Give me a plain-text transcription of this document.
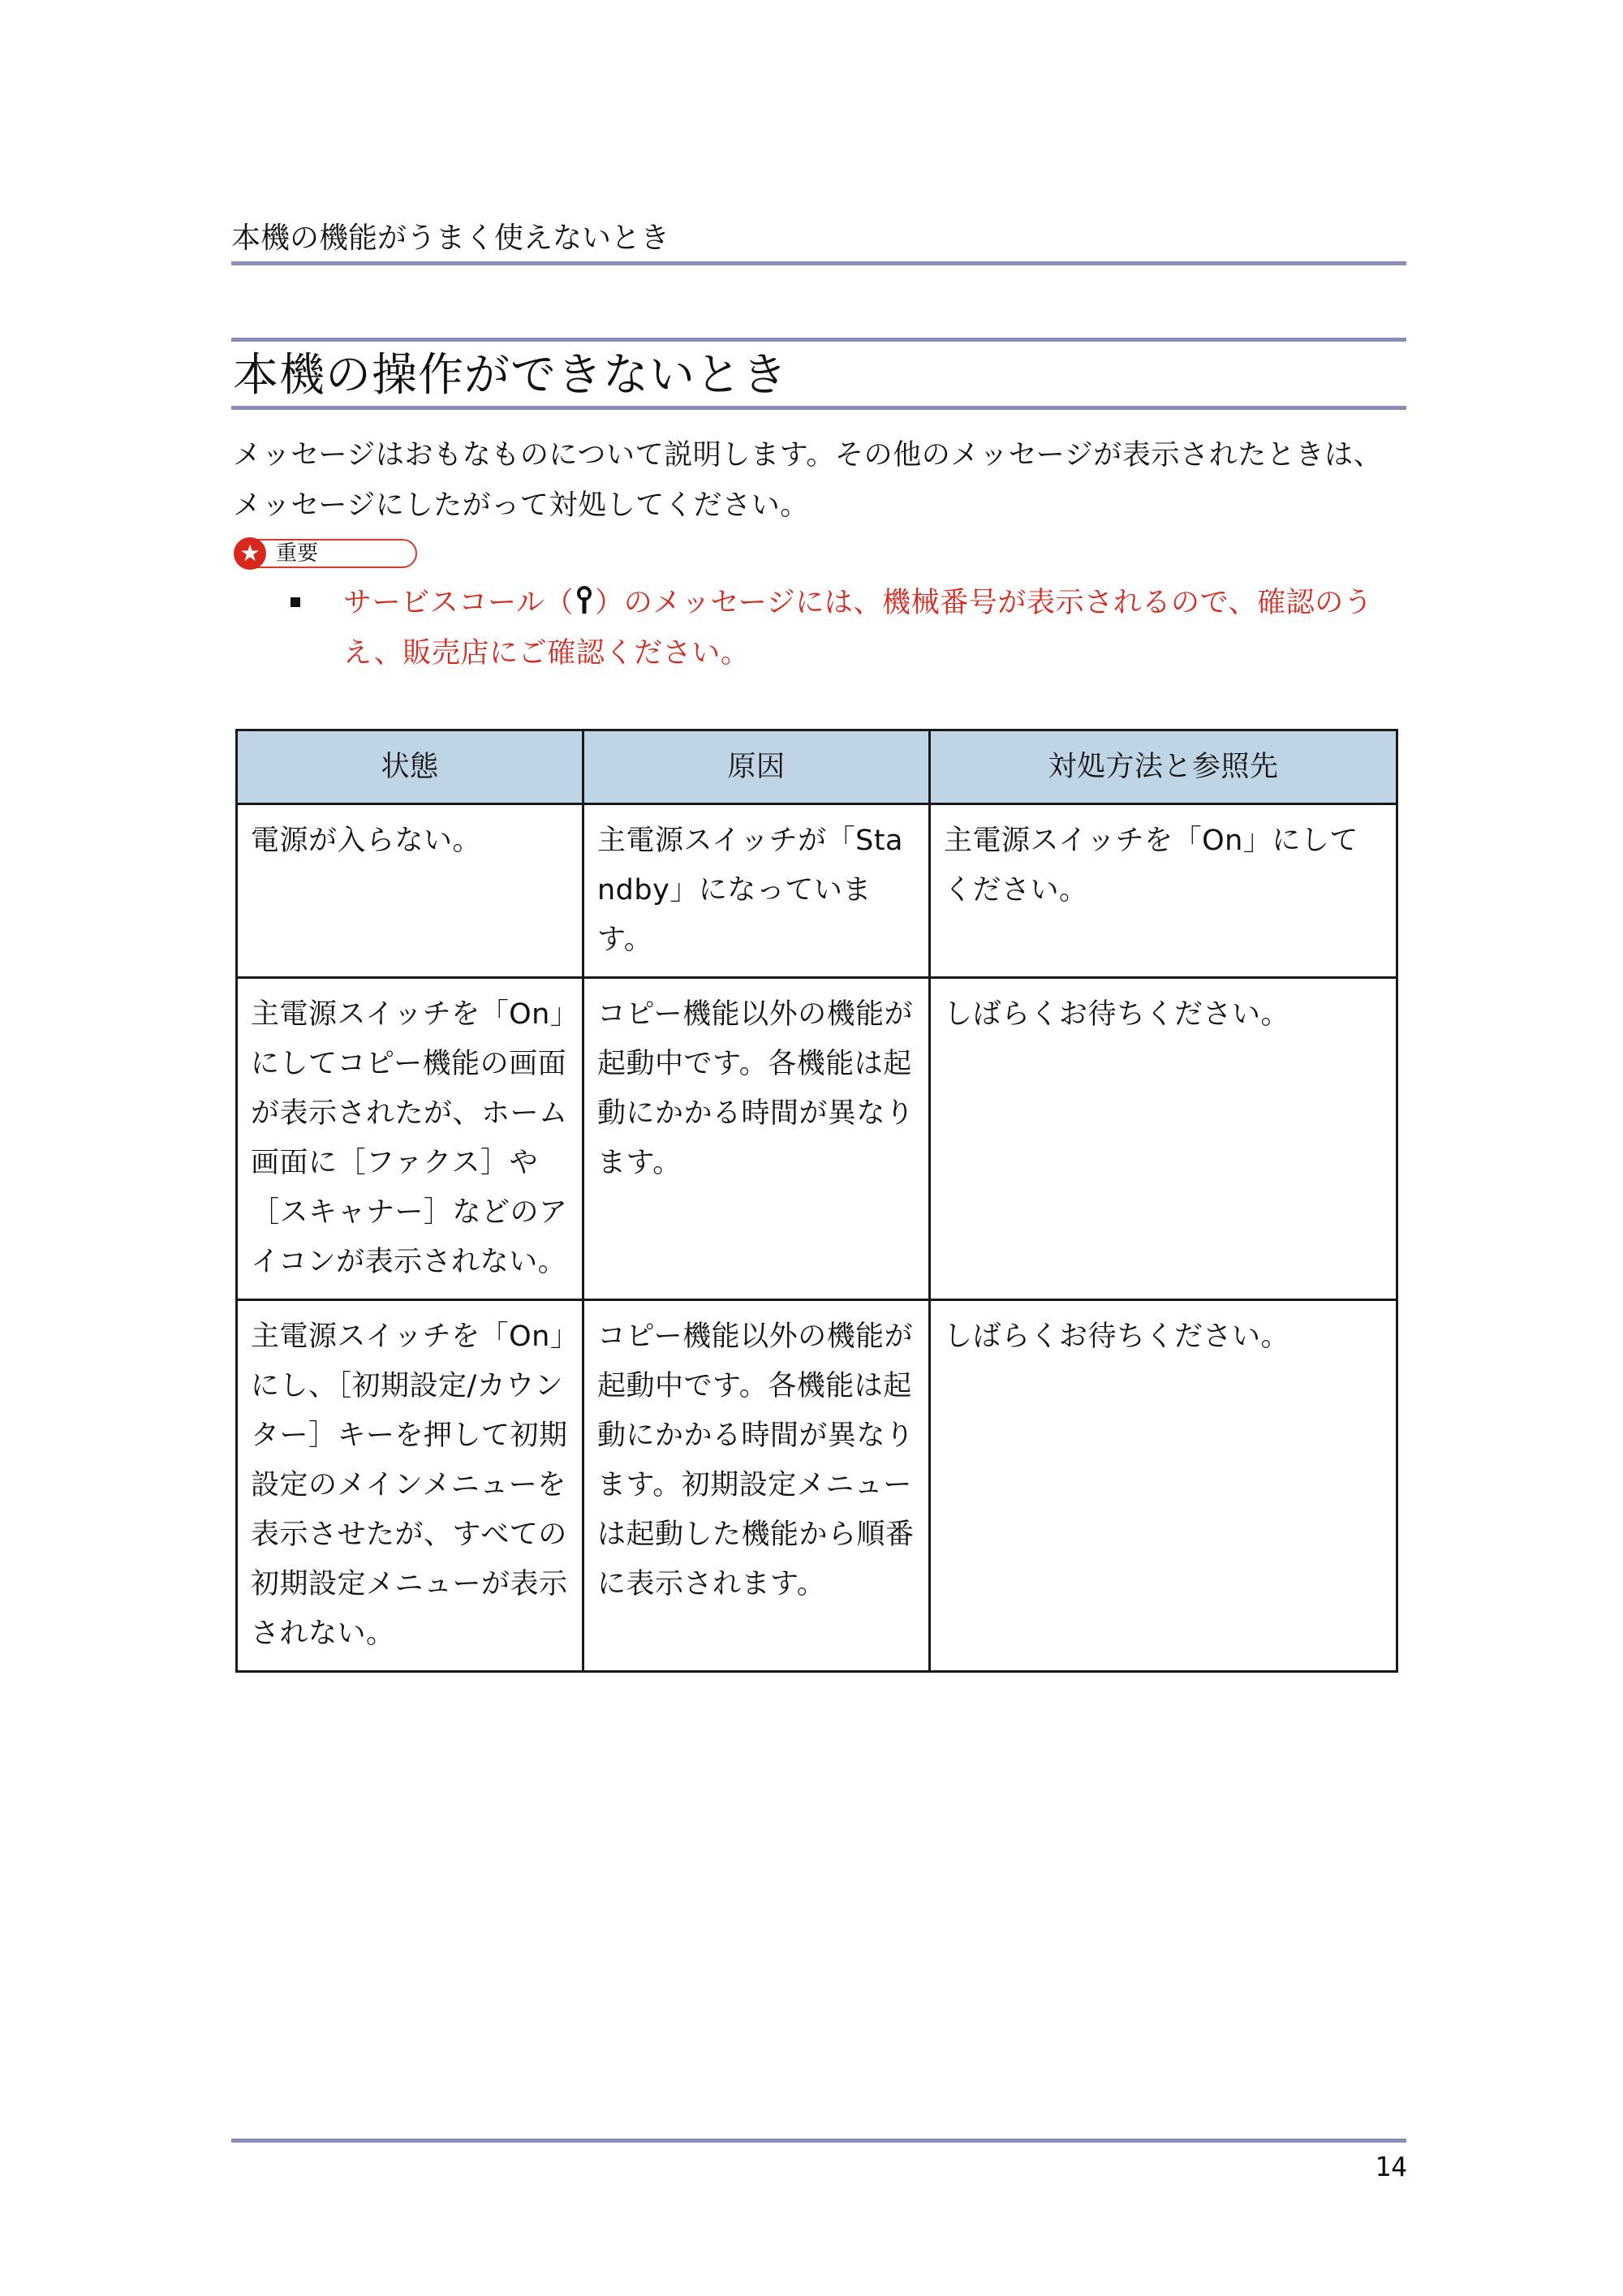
本機の機能がうまく使えないとき
本機の操作ができないとき
メッセージはおもなものについて説明します。その他のメッセージが表示されたときは、メッセージにしたがって対処してください。
★ 重要
サービスコール（ ）のメッセージには、機械番号が表示されるので、確認のうえ、販売店にご確認ください。
状態	原因	対処方法と参照先
電源が入らない。	主電源スイッチが「Standby」になっています。	主電源スイッチを「On」にしてください。
主電源スイッチを「On」にしてコピー機能の画面が表示されたが、ホーム画面に［ファクス］や［スキャナー］などのアイコンが表示されない。	コピー機能以外の機能が起動中です。各機能は起動にかかる時間が異なります。	しばらくお待ちください。
主電源スイッチを「On」にし、［初期設定/カウンター］キーを押して初期設定のメインメニューを表示させたが、すべての初期設定メニューが表示されない。	コピー機能以外の機能が起動中です。各機能は起動にかかる時間が異なります。初期設定メニューは起動した機能から順番に表示されます。	しばらくお待ちください。
14
